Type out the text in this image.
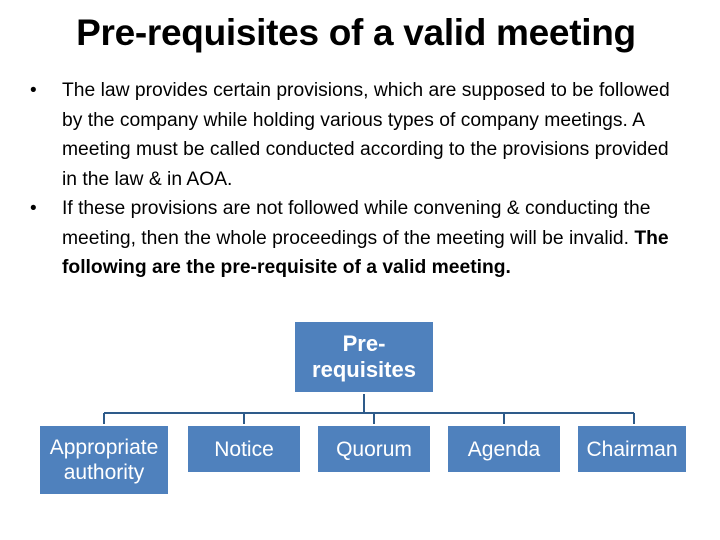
Pre-requisites of a valid meeting
• The law provides certain provisions, which are supposed to be followed by the company while holding various types of company meetings. A meeting must be called conducted according to the provisions provided in the law & in AOA.
• If these provisions are not followed while convening & conducting the meeting, then the whole proceedings of the meeting will be invalid. The following are the pre-requisite of a valid meeting.
Pre-
requisites
Appropriate authority
Notice	Quorum	Agenda Chairman
